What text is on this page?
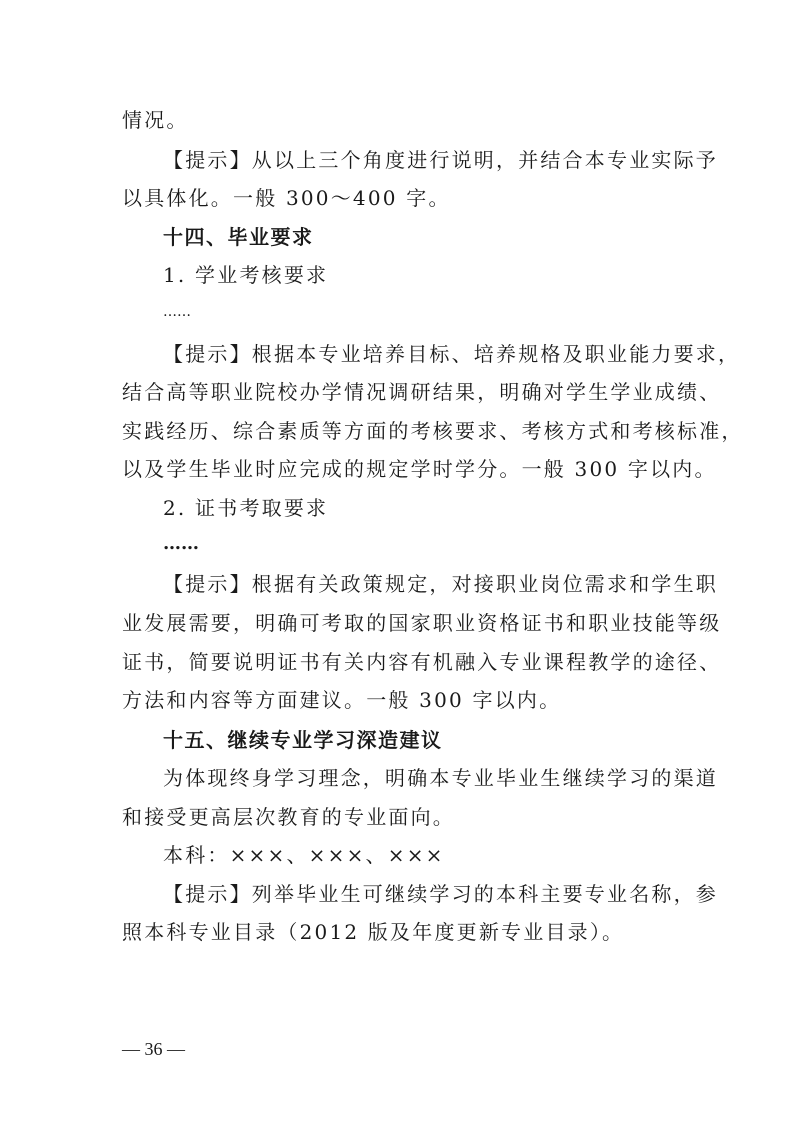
情况。
【提示】从以上三个角度进行说明，并结合本专业实际予
以具体化。一般 300～400 字。
十四、毕业要求
1. 学业考核要求
……
【提示】根据本专业培养目标、培养规格及职业能力要求，
结合高等职业院校办学情况调研结果，明确对学生学业成绩、
实践经历、综合素质等方面的考核要求、考核方式和考核标准，
以及学生毕业时应完成的规定学时学分。一般 300 字以内。
2. 证书考取要求
……
【提示】根据有关政策规定，对接职业岗位需求和学生职
业发展需要，明确可考取的国家职业资格证书和职业技能等级
证书，简要说明证书有关内容有机融入专业课程教学的途径、
方法和内容等方面建议。一般 300 字以内。
十五、继续专业学习深造建议
为体现终身学习理念，明确本专业毕业生继续学习的渠道
和接受更高层次教育的专业面向。
本科：×××、×××、×××
【提示】列举毕业生可继续学习的本科主要专业名称，参
照本科专业目录（2012 版及年度更新专业目录）。
— 36 —
